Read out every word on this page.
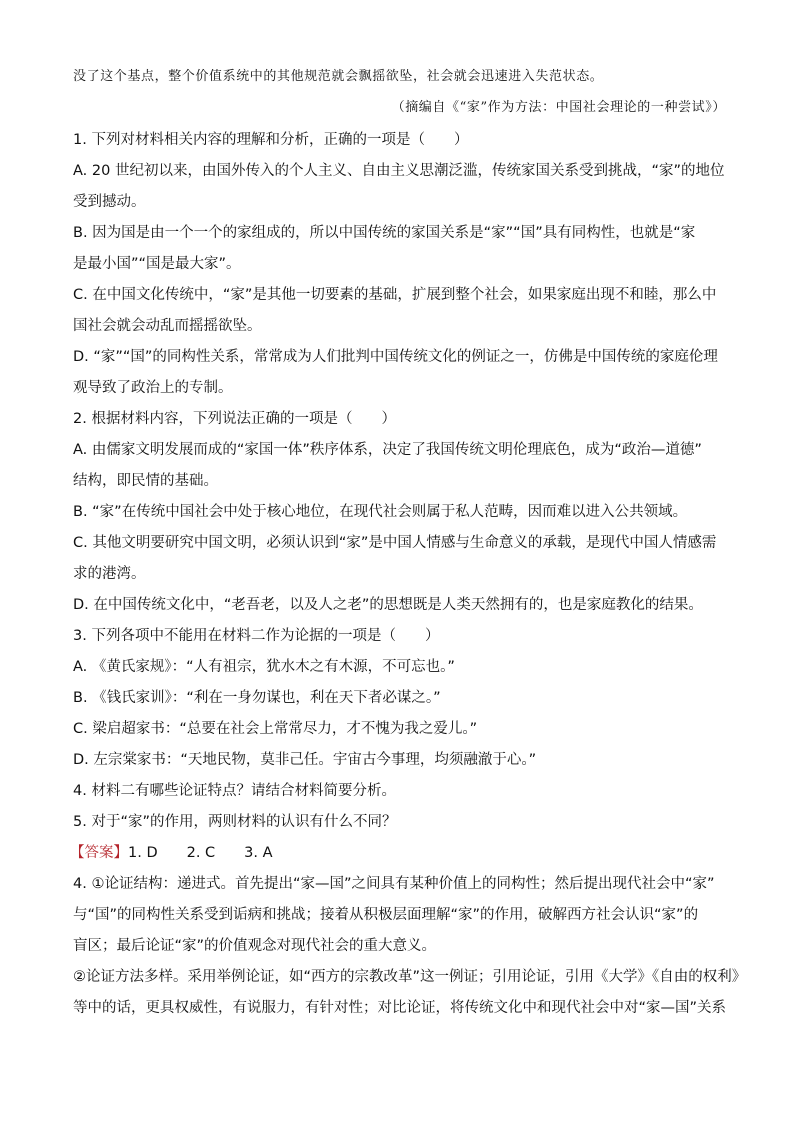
没了这个基点，整个价值系统中的其他规范就会飘摇欲坠，社会就会迅速进入失范状态。
（摘编自《“家”作为方法：中国社会理论的一种尝试》）
1. 下列对材料相关内容的理解和分析，正确的一项是（　　）
A. 20 世纪初以来，由国外传入的个人主义、自由主义思潮泛滥，传统家国关系受到挑战，“家”的地位
受到撼动。
B. 因为国是由一个一个的家组成的，所以中国传统的家国关系是“家”“国”具有同构性，也就是“家
是最小国”“国是最大家”。
C. 在中国文化传统中，“家”是其他一切要素的基础，扩展到整个社会，如果家庭出现不和睦，那么中
国社会就会动乱而摇摇欲坠。
D. “家”“国”的同构性关系，常常成为人们批判中国传统文化的例证之一，仿佛是中国传统的家庭伦理
观导致了政治上的专制。
2. 根据材料内容，下列说法正确的一项是（　　）
A. 由儒家文明发展而成的“家国一体”秩序体系，决定了我国传统文明伦理底色，成为“政治—道德”
结构，即民情的基础。
B. “家”在传统中国社会中处于核心地位，在现代社会则属于私人范畴，因而难以进入公共领域。
C. 其他文明要研究中国文明，必须认识到“家”是中国人情感与生命意义的承载，是现代中国人情感需
求的港湾。
D. 在中国传统文化中，“老吾老，以及人之老”的思想既是人类天然拥有的，也是家庭教化的结果。
3. 下列各项中不能用在材料二作为论据的一项是（　　）
A. 《黄氏家规》：“人有祖宗，犹水木之有木源，不可忘也。”
B. 《钱氏家训》：“利在一身勿谋也，利在天下者必谋之。”
C. 梁启超家书：“总要在社会上常常尽力，才不愧为我之爱儿。”
D. 左宗棠家书：“天地民物，莫非己任。宇宙古今事理，均须融澈于心。”
4. 材料二有哪些论证特点？请结合材料简要分析。
5. 对于“家”的作用，两则材料的认识有什么不同？
【答案】1. D　　2. C　　3. A
4. ①论证结构：递进式。首先提出“家—国”之间具有某种价值上的同构性；然后提出现代社会中“家”
与“国”的同构性关系受到诟病和挑战；接着从积极层面理解“家”的作用，破解西方社会认识“家”的
盲区；最后论证“家”的价值观念对现代社会的重大意义。
②论证方法多样。采用举例论证，如“西方的宗教改革”这一例证；引用论证，引用《大学》《自由的权利》
等中的话，更具权威性，有说服力，有针对性；对比论证，将传统文化中和现代社会中对“家—国”关系
